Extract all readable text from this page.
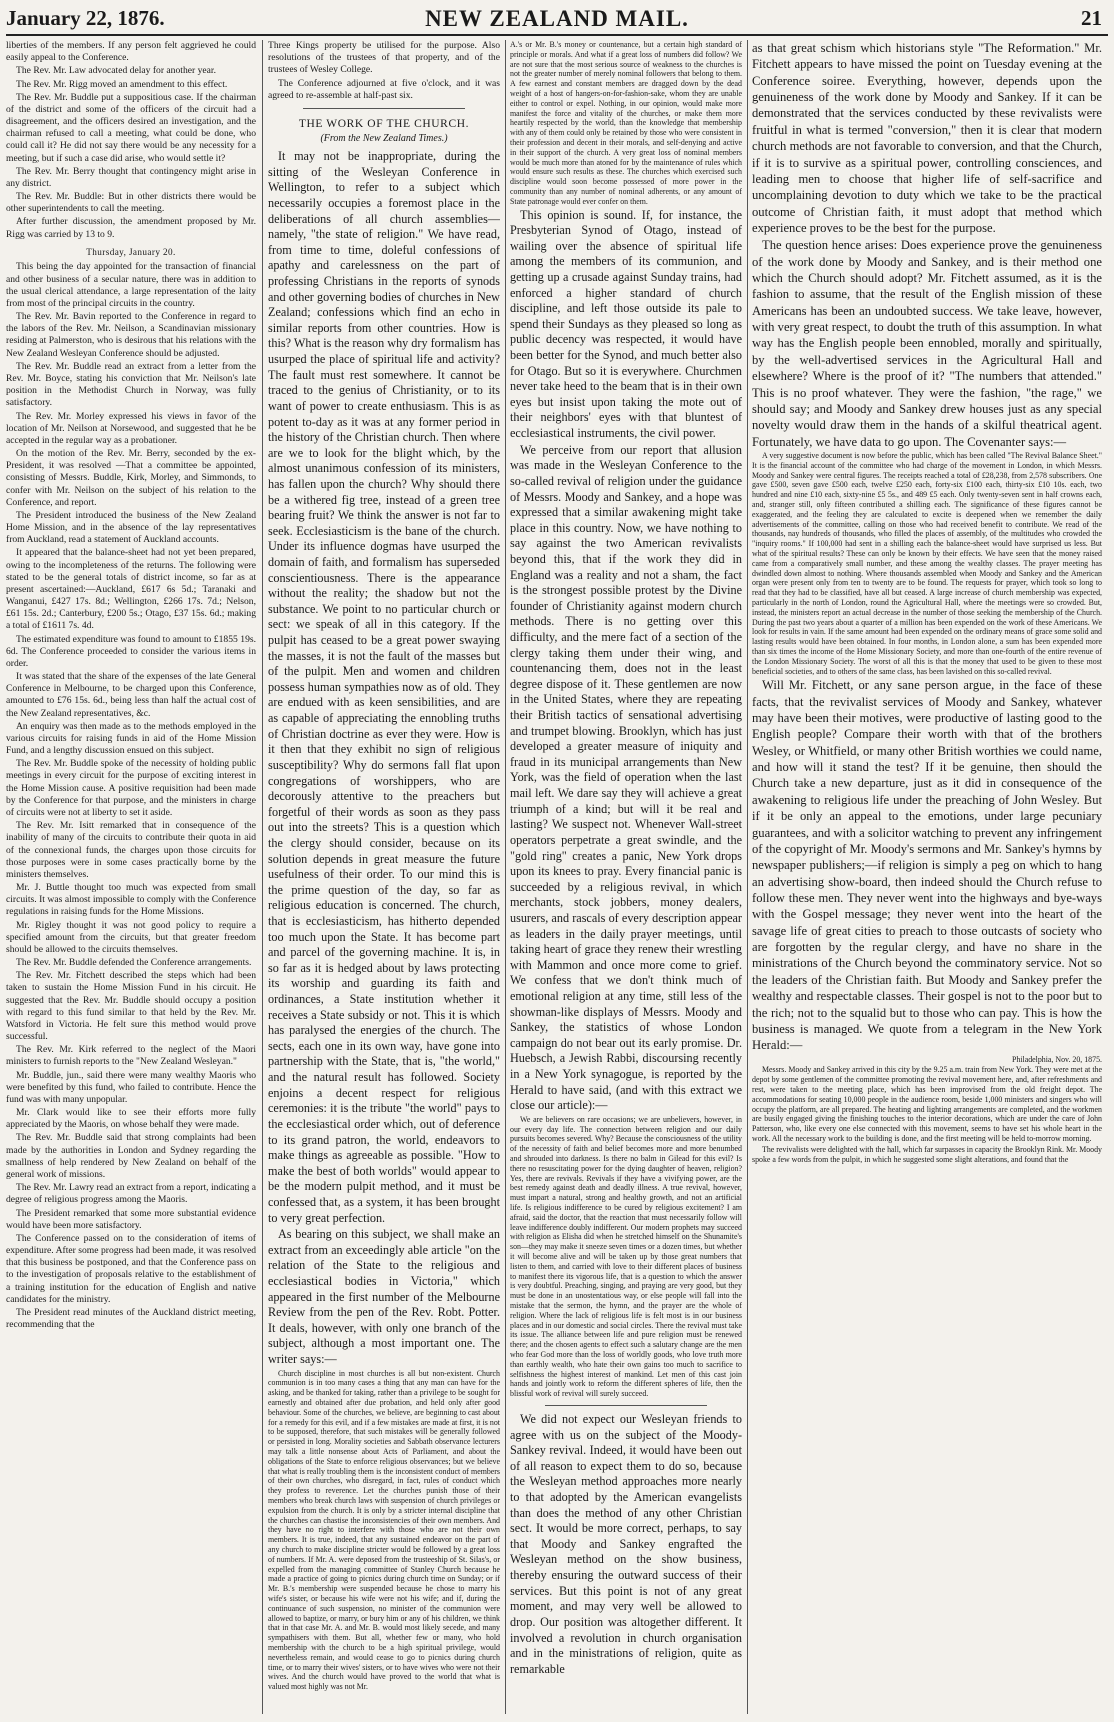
January 22, 1876.	NEW ZEALAND MAIL.	21

liberties of the members. If any person felt aggrieved he could easily appeal to the Conference.

The Rev. Mr. Law advocated delay for another year.

The Rev. Mr. Rigg moved an amendment to this effect.

The Rev. Mr. Buddle put a suppositious case. If the chairman of the district and some of the officers of the circuit had a disagreement, and the officers desired an investigation, and the chairman refused to call a meeting, what could be done, who could call it? He did not say there would be any necessity for a meeting, but if such a case did arise, who would settle it?

The Rev. Mr. Berry thought that contingency might arise in any district.

The Rev. Mr. Buddle: But in other districts there would be other superintendents to call the meeting.

After further discussion, the amendment proposed by Mr. Rigg was carried by 13 to 9.

Thursday, January 20.

This being the day appointed for the transaction of financial and other business of a secular nature, there was in addition to the usual clerical attendance, a large representation of the laity from most of the principal circuits in the country.

The Rev. Mr. Bavin reported to the Conference in regard to the labors of the Rev. Mr. Neilson, a Scandinavian missionary residing at Palmerston, who is desirous that his relations with the New Zealand Wesleyan Conference should be adjusted.

The Rev. Mr. Buddle read an extract from a letter from the Rev. Mr. Boyce, stating his conviction that Mr. Neilson's late position in the Methodist Church in Norway, was fully satisfactory.

The Rev. Mr. Morley expressed his views in favor of the location of Mr. Neilson at Norsewood, and suggested that he be accepted in the regular way as a probationer.

On the motion of the Rev. Mr. Berry, seconded by the ex-President, it was resolved —That a committee be appointed, consisting of Messrs. Buddle, Kirk, Morley, and Simmonds, to confer with Mr. Neilson on the subject of his relation to the Conference, and report.

The President introduced the business of the New Zealand Home Mission, and in the absence of the lay representatives from Auckland, read a statement of Auckland accounts.

It appeared that the balance-sheet had not yet been prepared, owing to the incompleteness of the returns. The following were stated to be the general totals of district income, so far as at present ascertained:—Auckland, £617 6s 5d.; Taranaki and Wanganui, £427 17s. 8d.; Wellington, £266 17s. 7d.; Nelson, £61 15s. 2d.; Canterbury, £200 5s.; Otago, £37 15s. 6d.; making a total of £1611 7s. 4d.

The estimated expenditure was found to amount to £1855 19s. 6d. The Conference proceeded to consider the various items in order.

It was stated that the share of the expenses of the late General Conference in Melbourne, to be charged upon this Conference, amounted to £76 15s. 6d., being less than half the actual cost of the New Zealand representatives, &c.

An enquiry was then made as to the methods employed in the various circuits for raising funds in aid of the Home Mission Fund, and a lengthy discussion ensued on this subject.

The Rev. Mr. Buddle spoke of the necessity of holding public meetings in every circuit for the purpose of exciting interest in the Home Mission cause. A positive requisition had been made by the Conference for that purpose, and the ministers in charge of circuits were not at liberty to set it aside.

The Rev. Mr. Isitt remarked that in consequence of the inability of many of the circuits to contribute their quota in aid of the connexional funds, the charges upon those circuits for those purposes were in some cases practically borne by the ministers themselves.

Mr. J. Buttle thought too much was expected from small circuits. It was almost impossible to comply with the Conference regulations in raising funds for the Home Missions.

Mr. Rigley thought it was not good policy to require a specified amount from the circuits, but that greater freedom should be allowed to the circuits themselves.

The Rev. Mr. Buddle defended the Conference arrangements.

The Rev. Mr. Fitchett described the steps which had been taken to sustain the Home Mission Fund in his circuit. He suggested that the Rev. Mr. Buddle should occupy a position with regard to this fund similar to that held by the Rev. Mr. Watsford in Victoria. He felt sure this method would prove successful.

The Rev. Mr. Kirk referred to the neglect of the Maori ministers to furnish reports to the "New Zealand Wesleyan."

Mr. Buddle, jun., said there were many wealthy Maoris who were benefited by this fund, who failed to contribute. Hence the fund was with many unpopular.

Mr. Clark would like to see their efforts more fully appreciated by the Maoris, on whose behalf they were made.

The Rev. Mr. Buddle said that strong complaints had been made by the authorities in London and Sydney regarding the smallness of help rendered by New Zealand on behalf of the general work of missions.

The Rev. Mr. Lawry read an extract from a report, indicating a degree of religious progress among the Maoris.

The President remarked that some more substantial evidence would have been more satisfactory.

The Conference passed on to the consideration of items of expenditure. After some progress had been made, it was resolved that this business be postponed, and that the Conference pass on to the investigation of proposals relative to the establishment of a training institution for the education of English and native candidates for the ministry.

The President read minutes of the Auckland district meeting, recommending that the

Three Kings property be utilised for the purpose. Also resolutions of the trustees of that property, and of the trustees of Wesley College.

The Conference adjourned at five o'clock, and it was agreed to re-assemble at half-past six.

THE WORK OF THE CHURCH.
(From the New Zealand Times.)

It may not be inappropriate, during the sitting of the Wesleyan Conference in Wellington, to refer to a subject which necessarily occupies a foremost place in the deliberations of all church assemblies—namely, "the state of religion." We have read, from time to time, doleful confessions of apathy and carelessness on the part of professing Christians in the reports of synods and other governing bodies of churches in New Zealand; confessions which find an echo in similar reports from other countries. How is this? What is the reason why dry formalism has usurped the place of spiritual life and activity? The fault must rest somewhere. It cannot be traced to the genius of Christianity, or to its want of power to create enthusiasm. This is as potent to-day as it was at any former period in the history of the Christian church. Then where are we to look for the blight which, by the almost unanimous confession of its ministers, has fallen upon the church? Why should there be a withered fig tree, instead of a green tree bearing fruit? We think the answer is not far to seek. Ecclesiasticism is the bane of the church. Under its influence dogmas have usurped the domain of faith, and formalism has superseded conscientiousness. There is the appearance without the reality; the shadow but not the substance. We point to no particular church or sect: we speak of all in this category. If the pulpit has ceased to be a great power swaying the masses, it is not the fault of the masses but of the pulpit. Men and women and children possess human sympathies now as of old. They are endued with as keen sensibilities, and are as capable of appreciating the ennobling truths of Christian doctrine as ever they were. How is it then that they exhibit no sign of religious susceptibility? Why do sermons fall flat upon congregations of worshippers, who are decorously attentive to the preachers but forgetful of their words as soon as they pass out into the streets? This is a question which the clergy should consider, because on its solution depends in great measure the future usefulness of their order. To our mind this is the prime question of the day, so far as religious education is concerned. The church, that is ecclesiasticism, has hitherto depended too much upon the State. It has become part and parcel of the governing machine. It is, in so far as it is hedged about by laws protecting its worship and guarding its faith and ordinances, a State institution whether it receives a State subsidy or not. This it is which has paralysed the energies of the church. The sects, each one in its own way, have gone into partnership with the State, that is, "the world," and the natural result has followed. Society enjoins a decent respect for religious ceremonies: it is the tribute "the world" pays to the ecclesiastical order which, out of deference to its grand patron, the world, endeavors to make things as agreeable as possible. "How to make the best of both worlds" would appear to be the modern pulpit method, and it must be confessed that, as a system, it has been brought to very great perfection.

As bearing on this subject, we shall make an extract from an exceedingly able article "on the relation of the State to the religious and ecclesiastical bodies in Victoria," which appeared in the first number of the Melbourne Review from the pen of the Rev. Robt. Potter. It deals, however, with only one branch of the subject, although a most important one. The writer says:—

Church discipline in most churches is all but non-existent. Church communion is in too many cases a thing that any man can have for the asking, and be thanked for taking, rather than a privilege to be sought for earnestly and obtained after due probation, and held only after good behaviour. Some of the churches, we believe, are beginning to cast about for a remedy for this evil, and if a few mistakes are made at first, it is not to be supposed, therefore, that such mistakes will be generally followed or persisted in long. Morality societies and Sabbath observance lecturers may talk a little nonsense about Acts of Parliament, and about the obligations of the State to enforce religious observances; but we believe that what is really troubling them is the inconsistent conduct of members of their own churches, who disregard, in fact, rules of conduct which they profess to reverence. Let the churches punish those of their members who break church laws with suspension of church privileges or expulsion from the church. It is only by a stricter internal discipline that the churches can chastise the inconsistencies of their own members. And they have no right to interfere with those who are not their own members. It is true, indeed, that any sustained endeavor on the part of any church to make discipline stricter would be followed by a great loss of numbers. If Mr. A. were deposed from the trusteeship of St. Silas's, or expelled from the managing committee of Stanley Church because he made a practice of going to picnics during church time on Sunday; or if Mr. B.'s membership were suspended because he chose to marry his wife's sister, or because his wife were not his wife; and if, during the continuance of such suspension, no minister of the communion were allowed to baptize, or marry, or bury him or any of his children, we think that in that case Mr. A. and Mr. B. would most likely secede, and many sympathisers with them. But all, whether few or many, who hold membership with the church to be a high spiritual privilege, would nevertheless remain, and would cease to go to picnics during church time, or to marry their wives' sisters, or to have wives who were not their wives. And the church would have proved to the world that what is valued most highly was not Mr.

A.'s or Mr. B.'s money or countenance, but a certain high standard of principle or morals. And what if a great loss of numbers did follow? We are not sure that the most serious source of weakness to the churches is not the greater number of merely nominal followers that belong to them. A few earnest and constant members are dragged down by the dead weight of a host of hangers-on-for-fashion-sake, whom they are unable either to control or expel. Nothing, in our opinion, would make more manifest the force and vitality of the churches, or make them more heartily respected by the world, than the knowledge that membership with any of them could only be retained by those who were consistent in their profession and decent in their morals, and self-denying and active in their support of the church. A very great loss of nominal members would be much more than atoned for by the maintenance of rules which would ensure such results as these. The churches which exercised such discipline would soon become possessed of more power in the community than any number of nominal adherents, or any amount of State patronage would ever confer on them.

This opinion is sound. If, for instance, the Presbyterian Synod of Otago, instead of wailing over the absence of spiritual life among the members of its communion, and getting up a crusade against Sunday trains, had enforced a higher standard of church discipline, and left those outside its pale to spend their Sundays as they pleased so long as public decency was respected, it would have been better for the Synod, and much better also for Otago. But so it is everywhere. Churchmen never take heed to the beam that is in their own eyes but insist upon taking the mote out of their neighbors' eyes with that bluntest of ecclesiastical instruments, the civil power.

We perceive from our report that allusion was made in the Wesleyan Conference to the so-called revival of religion under the guidance of Messrs. Moody and Sankey, and a hope was expressed that a similar awakening might take place in this country. Now, we have nothing to say against the two American revivalists beyond this, that if the work they did in England was a reality and not a sham, the fact is the strongest possible protest by the Divine founder of Christianity against modern church methods. There is no getting over this difficulty, and the mere fact of a section of the clergy taking them under their wing, and countenancing them, does not in the least degree dispose of it. These gentlemen are now in the United States, where they are repeating their British tactics of sensational advertising and trumpet blowing. Brooklyn, which has just developed a greater measure of iniquity and fraud in its municipal arrangements than New York, was the field of operation when the last mail left. We dare say they will achieve a great triumph of a kind; but will it be real and lasting? We suspect not. Whenever Wall-street operators perpetrate a great swindle, and the "gold ring" creates a panic, New York drops upon its knees to pray. Every financial panic is succeeded by a religious revival, in which merchants, stock jobbers, money dealers, usurers, and rascals of every description appear as leaders in the daily prayer meetings, until taking heart of grace they renew their wrestling with Mammon and once more come to grief. We confess that we don't think much of emotional religion at any time, still less of the showman-like displays of Messrs. Moody and Sankey, the statistics of whose London campaign do not bear out its early promise. Dr. Huebsch, a Jewish Rabbi, discoursing recently in a New York synagogue, is reported by the Herald to have said, (and with this extract we close our article):—

We are believers on rare occasions; we are unbelievers, however, in our every day life. The connection between religion and our daily pursuits becomes severed. Why? Because the consciousness of the utility of the necessity of faith and belief becomes more and more benumbed and shrouded into darkness. Is there no balm in Gilead for this evil? Is there no resuscitating power for the dying daughter of heaven, religion? Yes, there are revivals. Revivals if they have a vivifying power, are the best remedy against death and deadly illness. A true revival, however, must impart a natural, strong and healthy growth, and not an artificial life. Is religious indifference to be cured by religious excitement? I am afraid, said the doctor, that the reaction that must necessarily follow will leave indifference doubly indifferent. Our modern prophets may succeed with religion as Elisha did when he stretched himself on the Shunamite's son—they may make it sneeze seven times or a dozen times, but whether it will become alive and will be taken up by those great numbers that listen to them, and carried with love to their different places of business to manifest there its vigorous life, that is a question to which the answer is very doubtful. Preaching, singing, and praying are very good, but they must be done in an unostentatious way, or else people will fall into the mistake that the sermon, the hymn, and the prayer are the whole of religion. Where the lack of religious life is felt most is in our business places and in our domestic and social circles. There the revival must take its issue. The alliance between life and pure religion must be renewed there; and the chosen agents to effect such a salutary change are the men who fear God more than the loss of worldly goods, who love truth more than earthly wealth, who hate their own gains too much to sacrifice to selfishness the highest interest of mankind. Let men of this cast join hands and jointly work to reform the different spheres of life, then the blissful work of revival will surely succeed.

We did not expect our Wesleyan friends to agree with us on the subject of the Moody-Sankey revival. Indeed, it would have been out of all reason to expect them to do so, because the Wesleyan method approaches more nearly to that adopted by the American evangelists than does the method of any other Christian sect. It would be more correct, perhaps, to say that Moody and Sankey engrafted the Wesleyan method on the show business, thereby ensuring the outward success of their services. But this point is not of any great moment, and may very well be allowed to drop. Our position was altogether different. It involved a revolution in church organisation and in the ministrations of religion, quite as remarkable

as that great schism which historians style "The Reformation." Mr. Fitchett appears to have missed the point on Tuesday evening at the Conference soiree. Everything, however, depends upon the genuineness of the work done by Moody and Sankey. If it can be demonstrated that the services conducted by these revivalists were fruitful in what is termed "conversion," then it is clear that modern church methods are not favorable to conversion, and that the Church, if it is to survive as a spiritual power, controlling consciences, and leading men to choose that higher life of self-sacrifice and uncomplaining devotion to duty which we take to be the practical outcome of Christian faith, it must adopt that method which experience proves to be the best for the purpose.

The question hence arises: Does experience prove the genuineness of the work done by Moody and Sankey, and is their method one which the Church should adopt? Mr. Fitchett assumed, as it is the fashion to assume, that the result of the English mission of these Americans has been an undoubted success. We take leave, however, with very great respect, to doubt the truth of this assumption. In what way has the English people been ennobled, morally and spiritually, by the well-advertised services in the Agricultural Hall and elsewhere? Where is the proof of it? "The numbers that attended." This is no proof whatever. They were the fashion, "the rage," we should say; and Moody and Sankey drew houses just as any special novelty would draw them in the hands of a skilful theatrical agent. Fortunately, we have data to go upon. The Covenanter says:—

A very suggestive document is now before the public, which has been called "The Revival Balance Sheet." It is the financial account of the committee who had charge of the movement in London, in which Messrs. Moody and Sankey were central figures. The receipts reached a total of £28,238, from 2,578 subscribers. One gave £500, seven gave £500 each, twelve £250 each, forty-six £100 each, thirty-six £10 10s. each, two hundred and nine £10 each, sixty-nine £5 5s., and 489 £5 each. Only twenty-seven sent in half crowns each, and, stranger still, only fifteen contributed a shilling each. The significance of these figures cannot be exaggerated, and the feeling they are calculated to excite is deepened when we remember the daily advertisements of the committee, calling on those who had received benefit to contribute. We read of the thousands, nay hundreds of thousands, who filled the places of assembly, of the multitudes who crowded the "inquiry rooms." If 100,000 had sent in a shilling each the balance-sheet would have surprised us less. But what of the spiritual results? These can only be known by their effects. We have seen that the money raised came from a comparatively small number, and these among the wealthy classes. The prayer meeting has dwindled down almost to nothing. Where thousands assembled when Moody and Sankey and the American organ were present only from ten to twenty are to be found. The requests for prayer, which took so long to read that they had to be classified, have all but ceased. A large increase of church membership was expected, particularly in the north of London, round the Agricultural Hall, where the meetings were so crowded. But, instead, the ministers report an actual decrease in the number of those seeking the membership of the Church. During the past two years about a quarter of a million has been expended on the work of these Americans. We look for results in vain. If the same amount had been expended on the ordinary means of grace some solid and lasting results would have been obtained. In four months, in London alone, a sum has been expended more than six times the income of the Home Missionary Society, and more than one-fourth of the entire revenue of the London Missionary Society. The worst of all this is that the money that used to be given to these most beneficial societies, and to others of the same class, has been lavished on this so-called revival.

Will Mr. Fitchett, or any sane person argue, in the face of these facts, that the revivalist services of Moody and Sankey, whatever may have been their motives, were productive of lasting good to the English people? Compare their worth with that of the brothers Wesley, or Whitfield, or many other British worthies we could name, and how will it stand the test? If it be genuine, then should the Church take a new departure, just as it did in consequence of the awakening to religious life under the preaching of John Wesley. But if it be only an appeal to the emotions, under large pecuniary guarantees, and with a solicitor watching to prevent any infringement of the copyright of Mr. Moody's sermons and Mr. Sankey's hymns by newspaper publishers;—if religion is simply a peg on which to hang an advertising show-board, then indeed should the Church refuse to follow these men. They never went into the highways and bye-ways with the Gospel message; they never went into the heart of the savage life of great cities to preach to those outcasts of society who are forgotten by the regular clergy, and have no share in the ministrations of the Church beyond the comminatory service. Not so the leaders of the Christian faith. But Moody and Sankey prefer the wealthy and respectable classes. Their gospel is not to the poor but to the rich; not to the squalid but to those who can pay. This is how the business is managed. We quote from a telegram in the New York Herald:—

Philadelphia, Nov. 20, 1875.

Messrs. Moody and Sankey arrived in this city by the 9.25 a.m. train from New York. They were met at the depot by some gentlemen of the committee promoting the revival movement here, and, after refreshments and rest, were taken to the meeting place, which has been improvised from the old freight depot. The accommodations for seating 10,000 people in the audience room, beside 1,000 ministers and singers who will occupy the platform, are all prepared. The heating and lighting arrangements are completed, and the workmen are busily engaged giving the finishing touches to the interior decorations, which are under the care of John Patterson, who, like every one else connected with this movement, seems to have set his whole heart in the work. All the necessary work to the building is done, and the first meeting will be held to-morrow morning.

The revivalists were delighted with the hall, which far surpasses in capacity the Brooklyn Rink. Mr. Moody spoke a few words from the pulpit, in which he suggested some slight alterations, and found that the
